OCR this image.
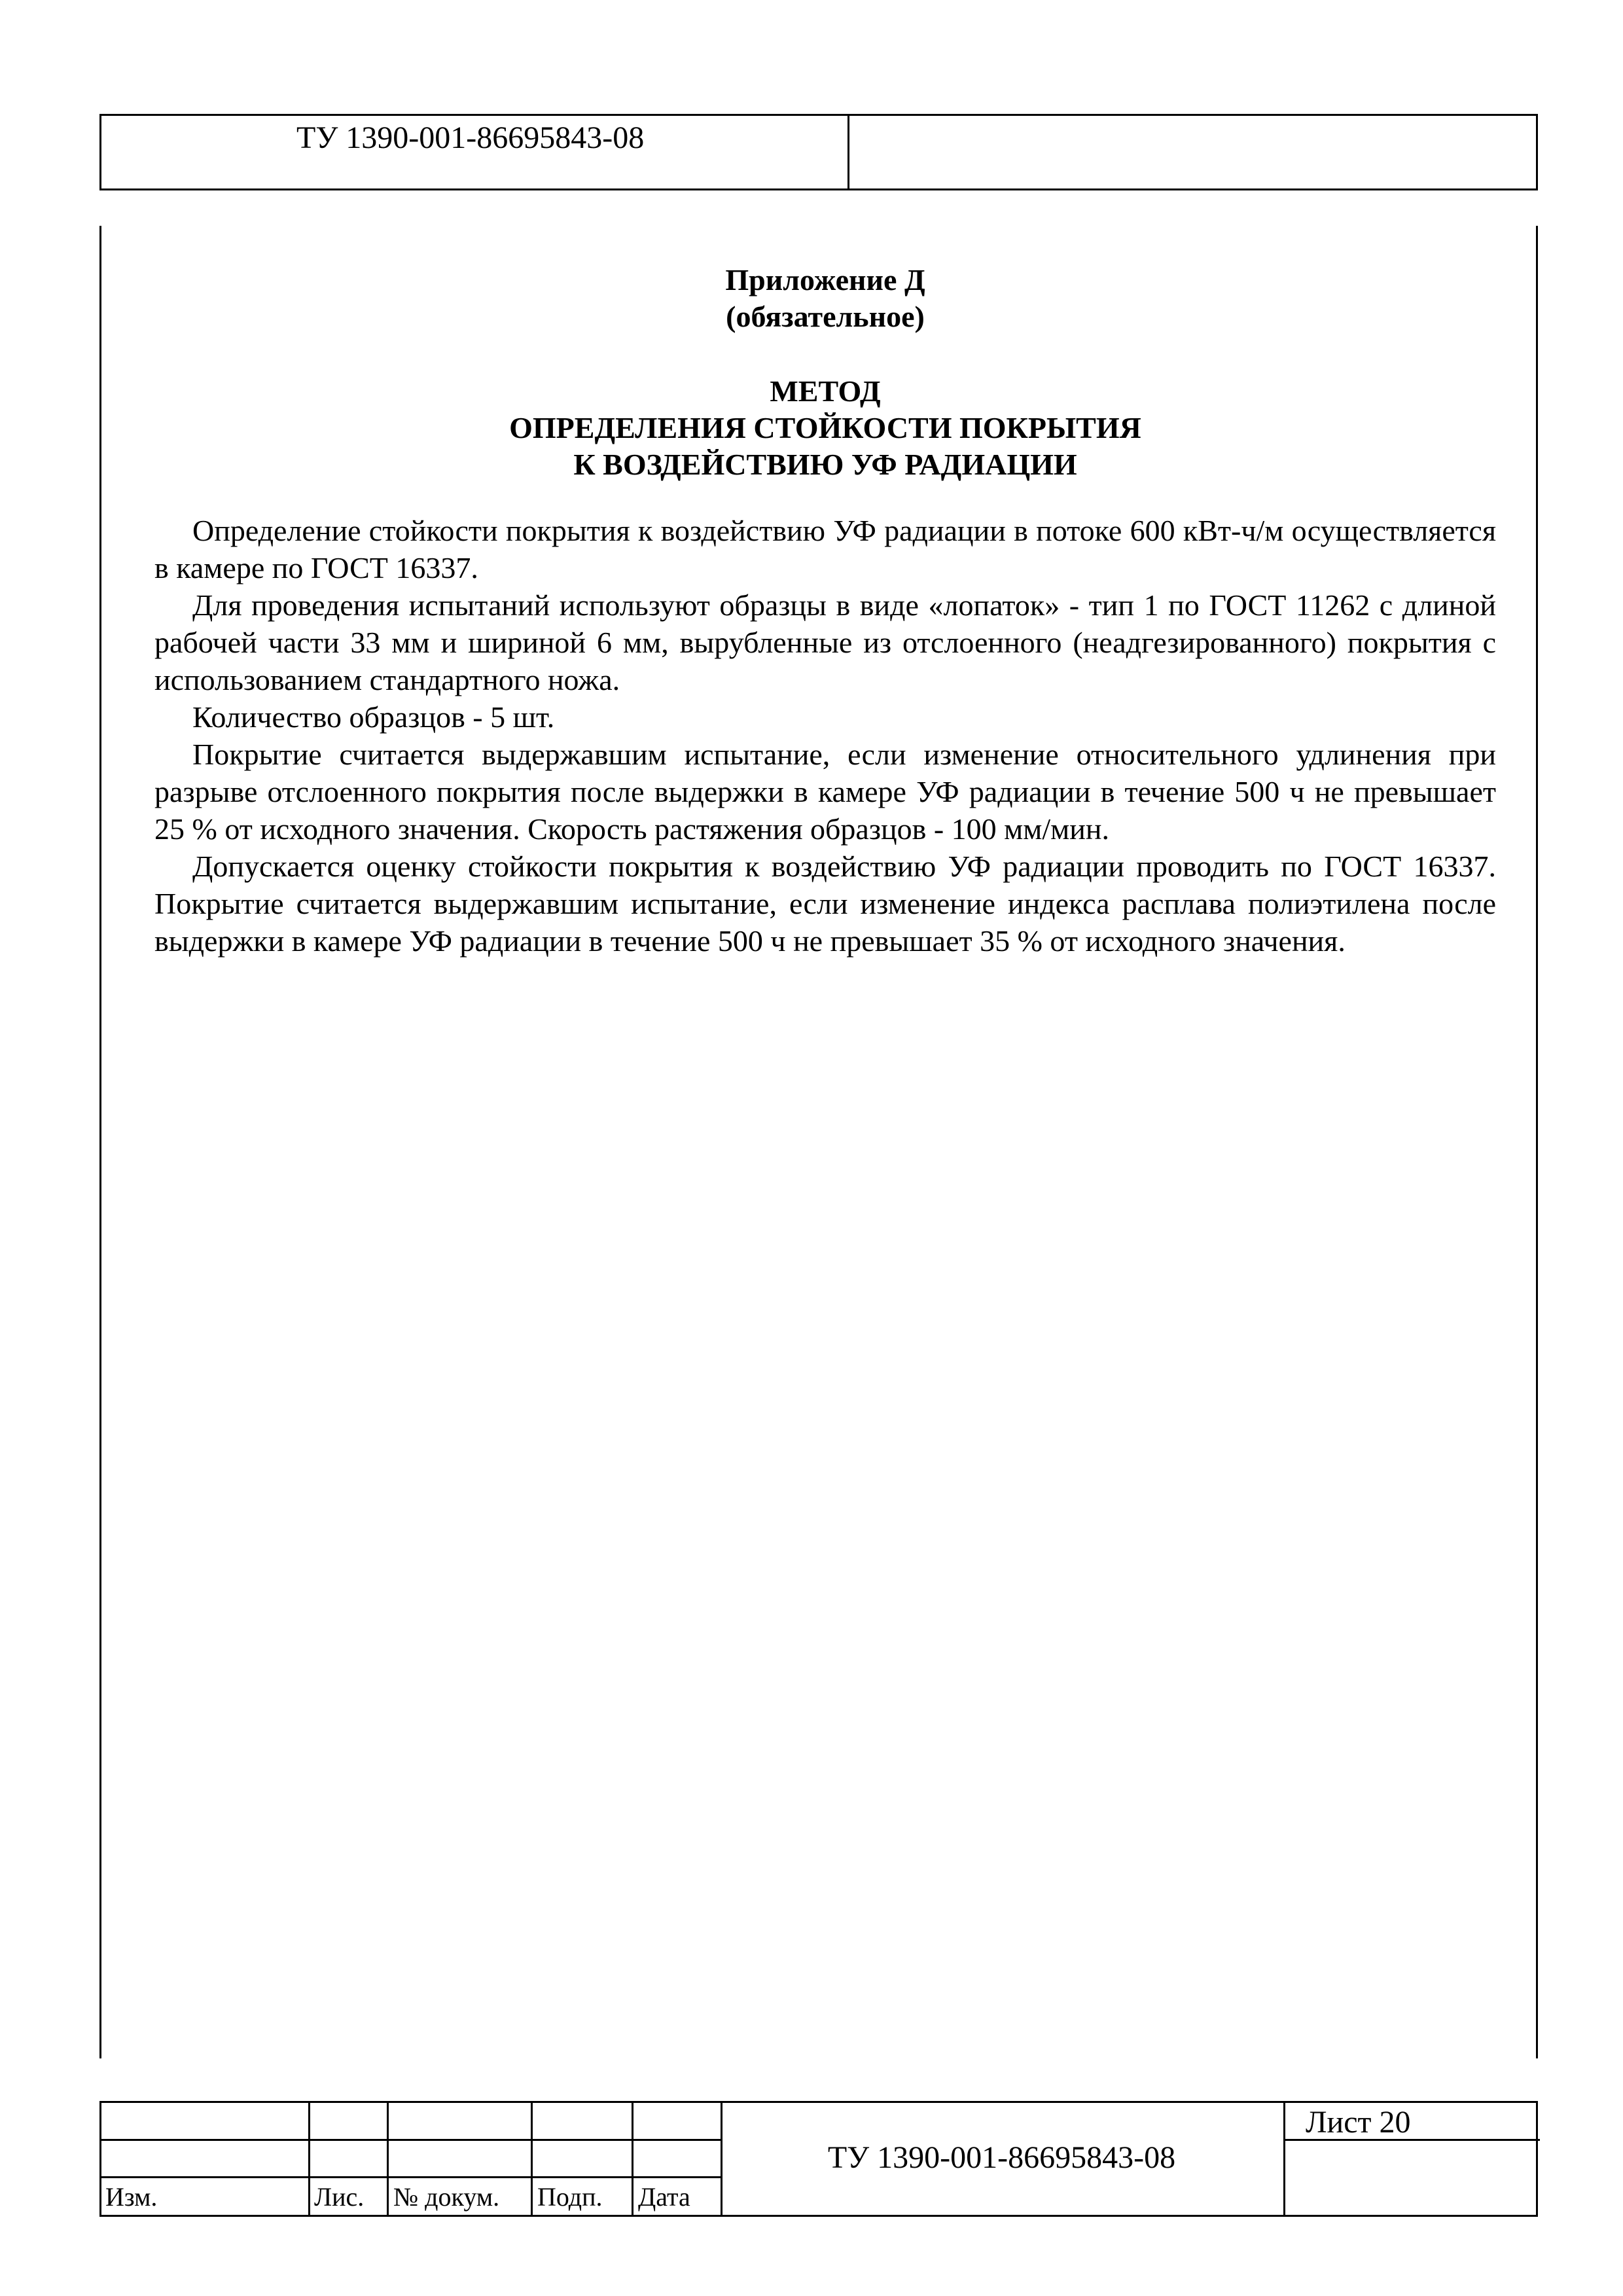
ТУ 1390-001-86695843-08
Приложение Д
(обязательное)
МЕТОД
ОПРЕДЕЛЕНИЯ СТОЙКОСТИ ПОКРЫТИЯ
К ВОЗДЕЙСТВИЮ УФ РАДИАЦИИ

Определение стойкости покрытия к воздействию УФ радиации в потоке 600 кВт-ч/м осуществляется в камере по ГОСТ 16337.

Для проведения испытаний используют образцы в виде «лопаток» - тип 1 по ГОСТ 11262 с длиной рабочей части 33 мм и шириной 6 мм, вырубленные из отслоенного (неадгезированного) покрытия с использованием стандартного ножа.

Количество образцов - 5 шт.

Покрытие считается выдержавшим испытание, если изменение относительного удлинения при разрыве отслоенного покрытия после выдержки в камере УФ радиации в течение 500 ч не превышает 25 % от исходного значения. Скорость растяжения образцов - 100 мм/мин.

Допускается оценку стойкости покрытия к воздействию УФ радиации проводить по ГОСТ 16337. Покрытие считается выдержавшим испытание, если изменение индекса расплава полиэтилена после выдержки в камере УФ радиации в течение 500 ч не превышает 35 % от исходного значения.

Изм.	Лис. № докум. Подп. Дата
ТУ 1390-001-86695843-08
Лист 20
